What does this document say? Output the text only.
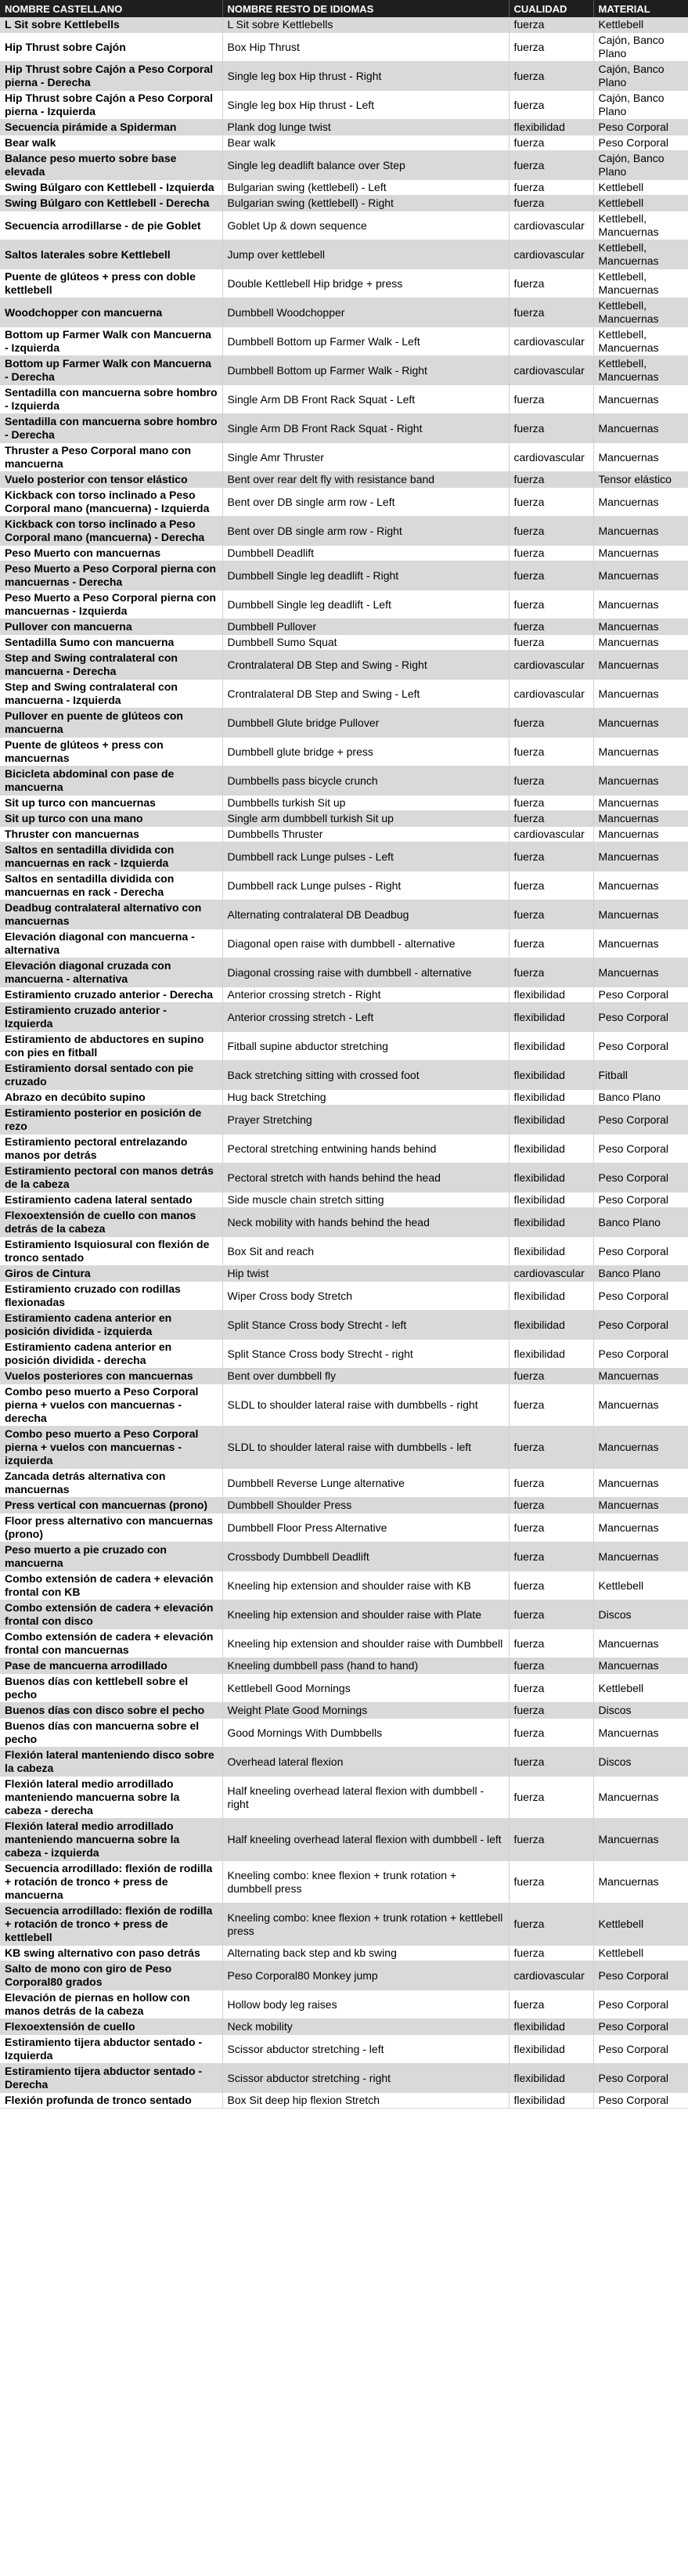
NOMBRE CASTELLANO	NOMBRE RESTO DE IDIOMAS	CUALIDAD	MATERIAL
L Sit sobre Kettlebells	L Sit sobre Kettlebells	fuerza	Kettlebell
Hip Thrust sobre Cajón	Box Hip Thrust	fuerza	Cajón, Banco Plano
Hip Thrust sobre Cajón a Peso Corporal pierna - Derecha	Single leg box Hip thrust - Right	fuerza	Cajón, Banco Plano
Hip Thrust sobre Cajón a Peso Corporal pierna - Izquierda	Single leg box Hip thrust - Left	fuerza	Cajón, Banco Plano
Secuencia pirámide a Spiderman	Plank dog lunge twist	flexibilidad	Peso Corporal
Bear walk	Bear walk	fuerza	Peso Corporal
Balance peso muerto sobre base elevada	Single leg deadlift balance over Step	fuerza	Cajón, Banco Plano
Swing Búlgaro con Kettlebell - Izquierda	Bulgarian swing (kettlebell) - Left	fuerza	Kettlebell
Swing Búlgaro con Kettlebell - Derecha	Bulgarian swing (kettlebell) - Right	fuerza	Kettlebell
Secuencia arrodillarse - de pie Goblet	Goblet Up & down sequence	cardiovascular	Kettlebell, Mancuernas
Saltos laterales sobre Kettlebell	Jump over kettlebell	cardiovascular	Kettlebell, Mancuernas
Puente de glúteos + press con doble kettlebell	Double Kettlebell Hip bridge + press	fuerza	Kettlebell, Mancuernas
Woodchopper con mancuerna	Dumbbell Woodchopper	fuerza	Kettlebell, Mancuernas
Bottom up Farmer Walk con Mancuerna - Izquierda	Dumbbell Bottom up Farmer Walk - Left	cardiovascular	Kettlebell, Mancuernas
Bottom up Farmer Walk con Mancuerna - Derecha	Dumbbell Bottom up Farmer Walk - Right	cardiovascular	Kettlebell, Mancuernas
Sentadilla con mancuerna sobre hombro - Izquierda	Single Arm DB Front Rack Squat - Left	fuerza	Mancuernas
Sentadilla con mancuerna sobre hombro - Derecha	Single Arm DB Front Rack Squat - Right	fuerza	Mancuernas
Thruster a Peso Corporal mano con mancuerna	Single Amr Thruster	cardiovascular	Mancuernas
Vuelo posterior con tensor elástico	Bent over rear delt fly with resistance band	fuerza	Tensor elástico
Kickback con torso inclinado a Peso Corporal mano (mancuerna) - Izquierda	Bent over DB single arm row - Left	fuerza	Mancuernas
Kickback con torso inclinado a Peso Corporal mano (mancuerna) - Derecha	Bent over DB single arm row - Right	fuerza	Mancuernas
Peso Muerto con mancuernas	Dumbbell Deadlift	fuerza	Mancuernas
Peso Muerto a Peso Corporal pierna con mancuernas - Derecha	Dumbbell Single leg deadlift - Right	fuerza	Mancuernas
Peso Muerto a Peso Corporal pierna con mancuernas - Izquierda	Dumbbell Single leg deadlift - Left	fuerza	Mancuernas
Pullover con mancuerna	Dumbbell Pullover	fuerza	Mancuernas
Sentadilla Sumo con mancuerna	Dumbbell Sumo Squat	fuerza	Mancuernas
Step and Swing contralateral con mancuerna - Derecha	Crontralateral DB Step and Swing - Right	cardiovascular	Mancuernas
Step and Swing contralateral con mancuerna - Izquierda	Crontralateral DB Step and Swing - Left	cardiovascular	Mancuernas
Pullover en puente de glúteos con mancuerna	Dumbbell Glute bridge Pullover	fuerza	Mancuernas
Puente de glúteos + press con mancuernas	Dumbbell glute bridge + press	fuerza	Mancuernas
Bicicleta abdominal con pase de mancuerna	Dumbbells pass bicycle crunch	fuerza	Mancuernas
Sit up turco con mancuernas	Dumbbells turkish Sit up	fuerza	Mancuernas
Sit up turco con una mano	Single arm dumbbell turkish Sit up	fuerza	Mancuernas
Thruster con mancuernas	Dumbbells Thruster	cardiovascular	Mancuernas
Saltos en sentadilla dividida con mancuernas en rack - Izquierda	Dumbbell rack Lunge pulses - Left	fuerza	Mancuernas
Saltos en sentadilla dividida con mancuernas en rack - Derecha	Dumbbell rack Lunge pulses - Right	fuerza	Mancuernas
Deadbug contralateral alternativo con mancuernas	Alternating contralateral DB Deadbug	fuerza	Mancuernas
Elevación diagonal con mancuerna - alternativa	Diagonal open raise with dumbbell - alternative	fuerza	Mancuernas
Elevación diagonal cruzada con mancuerna - alternativa	Diagonal crossing raise with dumbbell - alternative	fuerza	Mancuernas
Estiramiento cruzado anterior - Derecha	Anterior crossing stretch - Right	flexibilidad	Peso Corporal
Estiramiento cruzado anterior - Izquierda	Anterior crossing stretch - Left	flexibilidad	Peso Corporal
Estiramiento de abductores en supino con pies en fitball	Fitball supine abductor stretching	flexibilidad	Peso Corporal
Estiramiento dorsal sentado con pie cruzado	Back stretching sitting with crossed foot	flexibilidad	Fitball
Abrazo en decúbito supino	Hug back Stretching	flexibilidad	Banco Plano
Estiramiento posterior en posición de rezo	Prayer Stretching	flexibilidad	Peso Corporal
Estiramiento pectoral entrelazando manos por detrás	Pectoral stretching entwining hands behind	flexibilidad	Peso Corporal
Estiramiento pectoral con manos detrás de la cabeza	Pectoral stretch with hands behind the head	flexibilidad	Peso Corporal
Estiramiento cadena lateral sentado	Side muscle chain stretch sitting	flexibilidad	Peso Corporal
Flexoextensión de cuello con manos detrás de la cabeza	Neck mobility with hands behind the head	flexibilidad	Banco Plano
Estiramiento Isquiosural con flexión de tronco sentado	Box Sit and reach	flexibilidad	Peso Corporal
Giros de Cintura	Hip twist	cardiovascular	Banco Plano
Estiramiento cruzado con rodillas flexionadas	Wiper Cross body Stretch	flexibilidad	Peso Corporal
Estiramiento cadena anterior en posición dividida - izquierda	Split Stance Cross body Strecht - left	flexibilidad	Peso Corporal
Estiramiento cadena anterior en posición dividida - derecha	Split Stance Cross body Strecht - right	flexibilidad	Peso Corporal
Vuelos posteriores con mancuernas	Bent over dumbbell fly	fuerza	Mancuernas
Combo peso muerto a Peso Corporal pierna + vuelos con mancuernas - derecha	SLDL to shoulder lateral raise with dumbbells - right	fuerza	Mancuernas
Combo peso muerto a Peso Corporal pierna + vuelos con mancuernas - izquierda	SLDL to shoulder lateral raise with dumbbells - left	fuerza	Mancuernas
Zancada detrás alternativa con mancuernas	Dumbbell Reverse Lunge alternative	fuerza	Mancuernas
Press vertical con mancuernas (prono)	Dumbbell Shoulder Press	fuerza	Mancuernas
Floor press alternativo con mancuernas (prono)	Dumbbell Floor Press Alternative	fuerza	Mancuernas
Peso muerto a pie cruzado con mancuerna	Crossbody Dumbbell Deadlift	fuerza	Mancuernas
Combo extensión de cadera + elevación frontal con KB	Kneeling hip extension and shoulder raise with KB	fuerza	Kettlebell
Combo extensión de cadera + elevación frontal con disco	Kneeling hip extension and shoulder raise with Plate	fuerza	Discos
Combo extensión de cadera + elevación frontal con mancuernas	Kneeling hip extension and shoulder raise with Dumbbell	fuerza	Mancuernas
Pase de mancuerna arrodillado	Kneeling dumbbell pass (hand to hand)	fuerza	Mancuernas
Buenos días con kettlebell sobre el pecho	Kettlebell Good Mornings	fuerza	Kettlebell
Buenos días con disco sobre el pecho	Weight Plate Good Mornings	fuerza	Discos
Buenos días con mancuerna sobre el pecho	Good Mornings With Dumbbells	fuerza	Mancuernas
Flexión lateral manteniendo disco sobre la cabeza	Overhead lateral flexion	fuerza	Discos
Flexión lateral medio arrodillado manteniendo mancuerna sobre la cabeza - derecha	Half kneeling overhead lateral flexion with dumbbell - right	fuerza	Mancuernas
Flexión lateral medio arrodillado manteniendo mancuerna sobre la cabeza - izquierda	Half kneeling overhead lateral flexion with dumbbell - left	fuerza	Mancuernas
Secuencia arrodillado: flexión de rodilla + rotación de tronco + press de mancuerna	Kneeling combo: knee flexion + trunk rotation + dumbbell press	fuerza	Mancuernas
Secuencia arrodillado: flexión de rodilla + rotación de tronco + press de kettlebell	Kneeling combo: knee flexion + trunk rotation + kettlebell press	fuerza	Kettlebell
KB swing alternativo con paso detrás	Alternating back step and kb swing	fuerza	Kettlebell
Salto de mono con giro de Peso Corporal80 grados	Peso Corporal80 Monkey jump	cardiovascular	Peso Corporal
Elevación de piernas en hollow con manos detrás de la cabeza	Hollow body leg raises	fuerza	Peso Corporal
Flexoextensión de cuello	Neck mobility	flexibilidad	Peso Corporal
Estiramiento tijera abductor sentado - Izquierda	Scissor abductor stretching - left	flexibilidad	Peso Corporal
Estiramiento tijera abductor sentado - Derecha	Scissor abductor stretching - right	flexibilidad	Peso Corporal
Flexión profunda de tronco sentado	Box Sit deep hip flexion Stretch	flexibilidad	Peso Corporal
